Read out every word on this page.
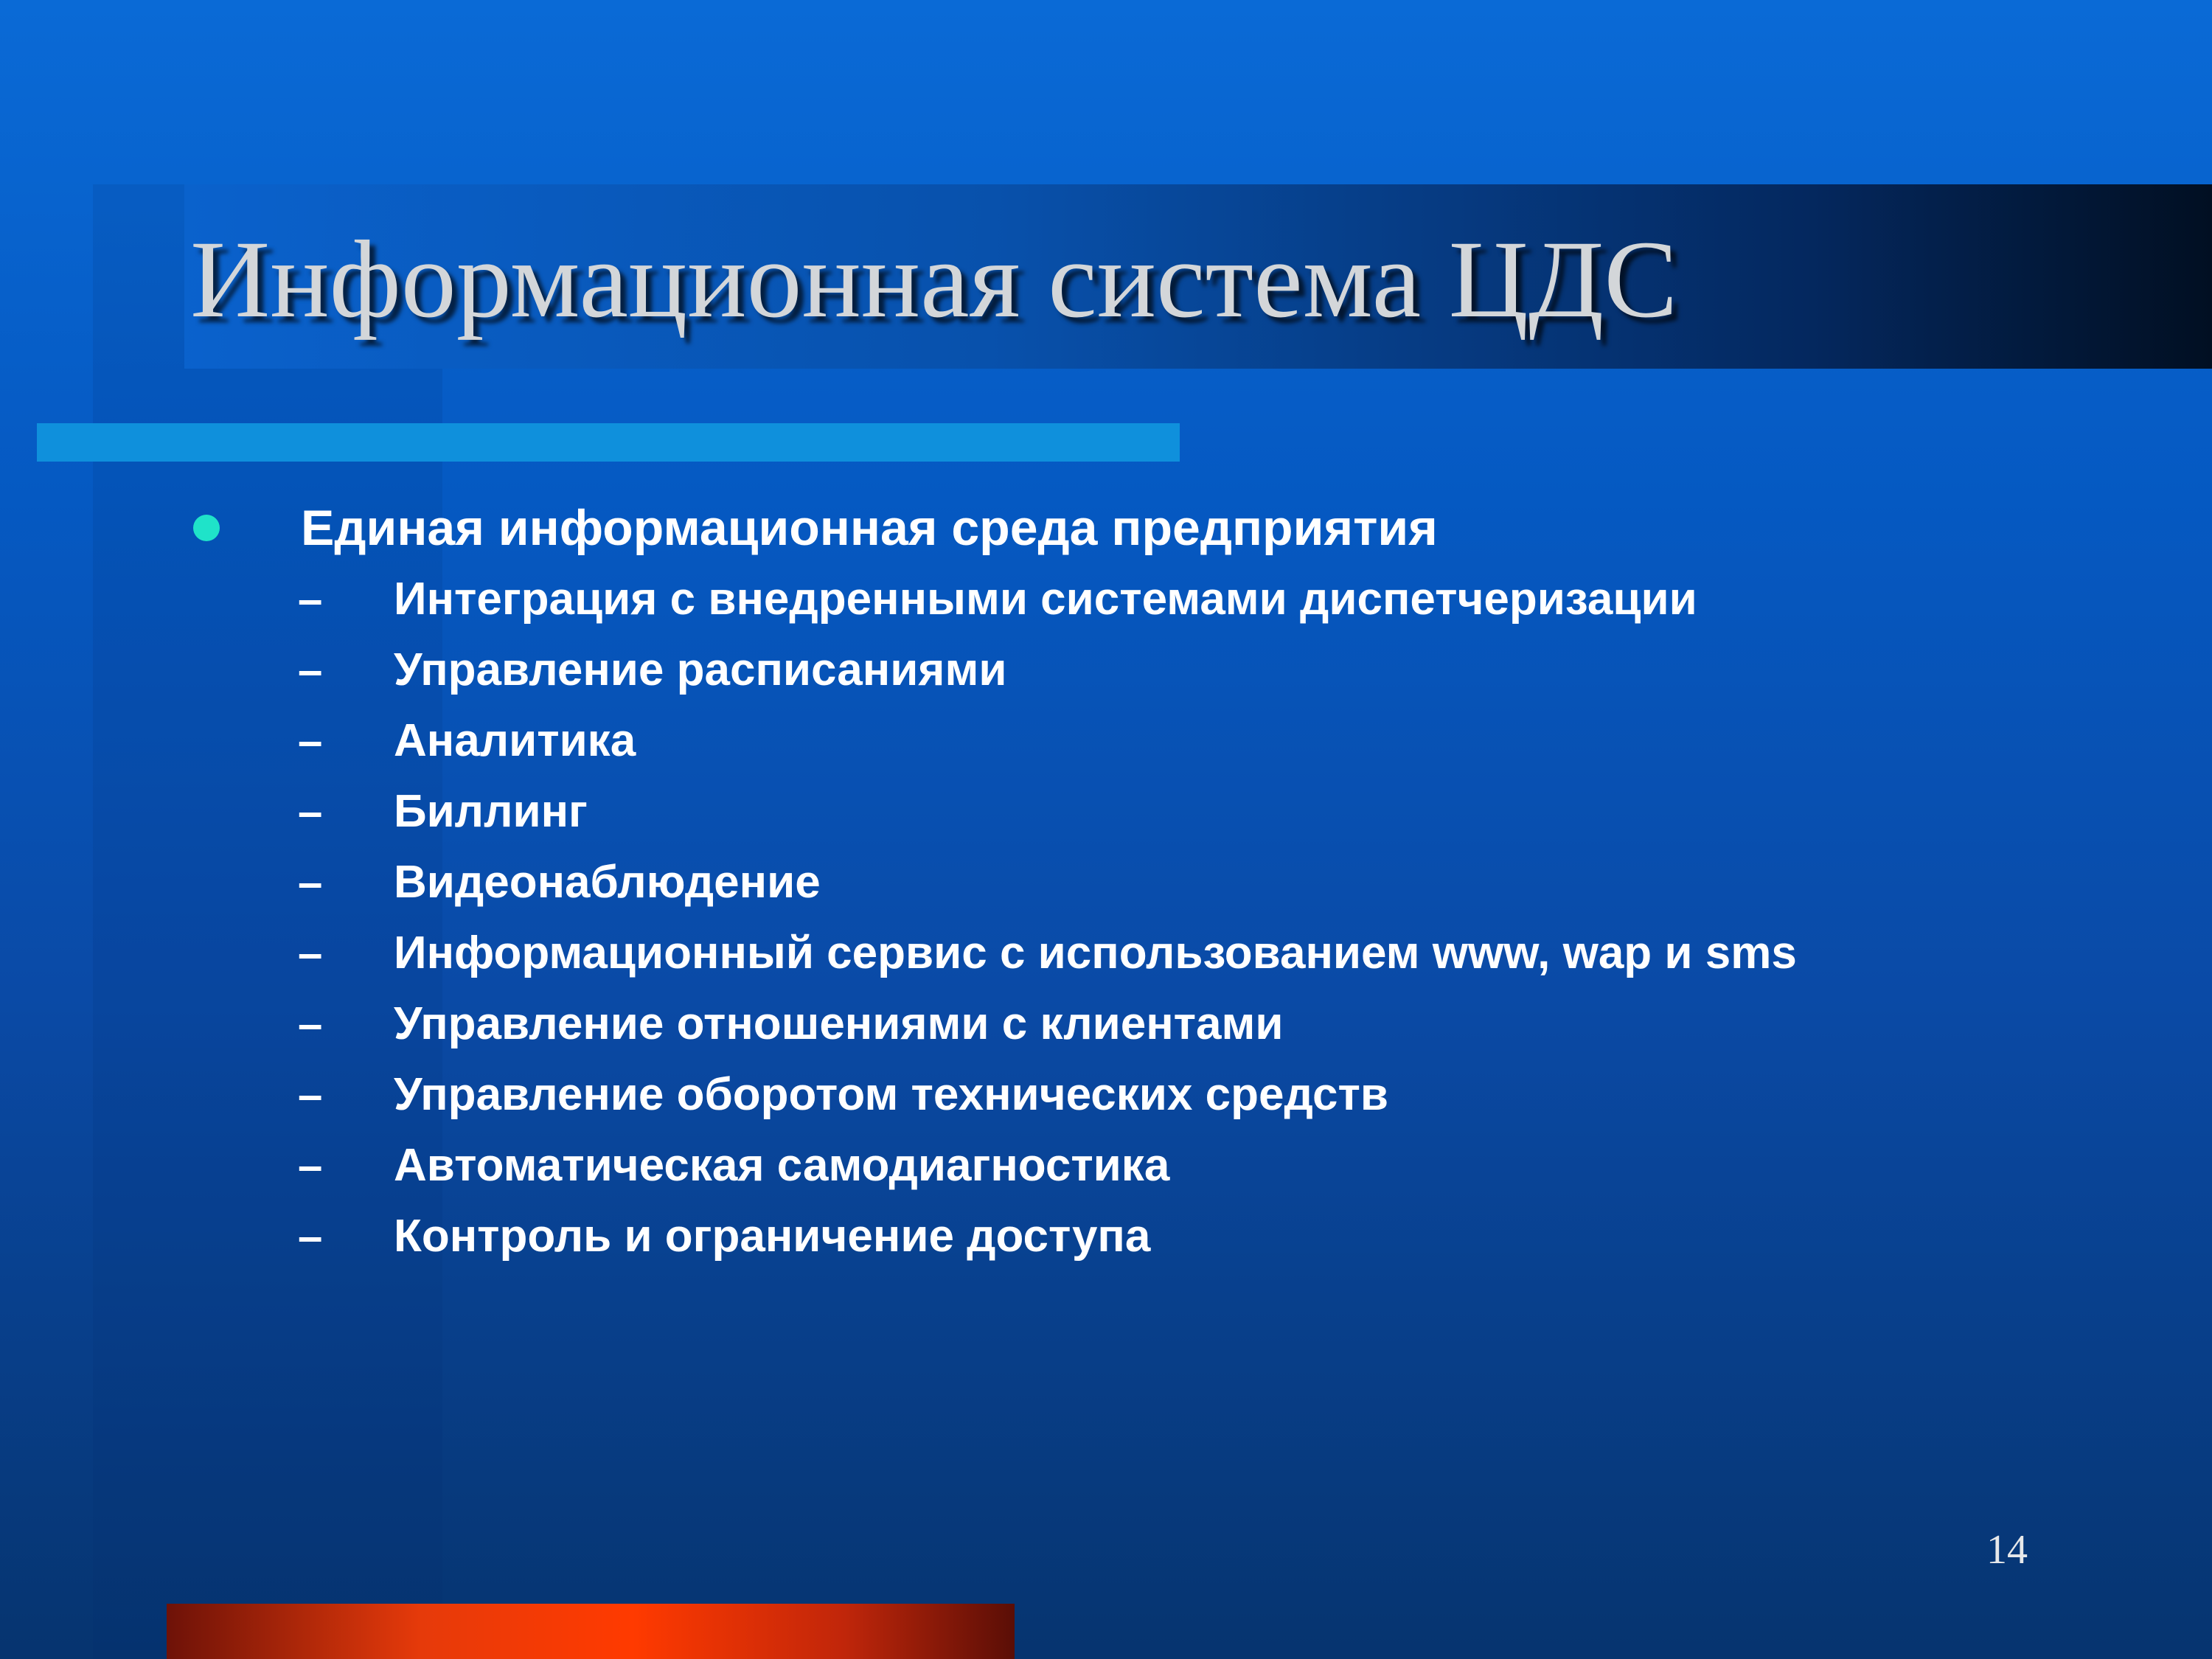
Информационная система ЦДС
Единая информационная среда предприятия
–	Интеграция с внедренными системами диспетчеризации
–	Управление расписаниями
–	Аналитика
–	Биллинг
–	Видеонаблюдение
–	Информационный сервис с использованием www, wap и sms
–	Управление отношениями с клиентами
–	Управление оборотом технических средств
–	Автоматическая самодиагностика
–	Контроль и ограничение доступа
14
